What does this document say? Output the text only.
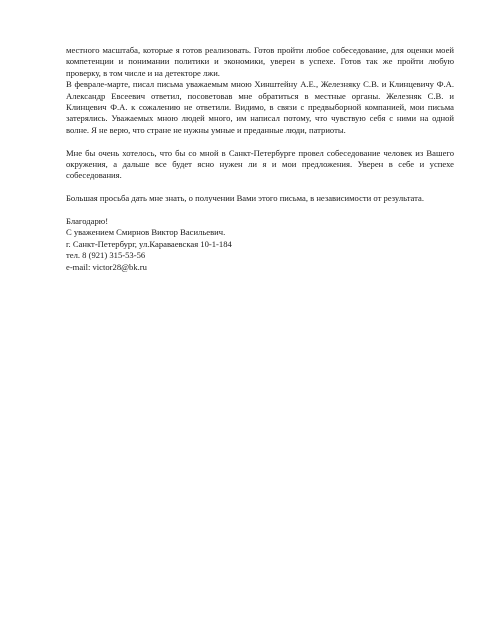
местного масштаба, которые я готов реализовать. Готов пройти любое собеседование, для оценки моей компетенции и понимании политики и экономики, уверен в успехе. Готов так же пройти любую проверку, в том числе и на детекторе лжи.

В феврале-марте, писал письма уважаемым мною Хинштейну А.Е., Железняку С.В. и Клинцевичу Ф.А. Александр Евсеевич ответил, посоветовав мне обратиться в местные органы. Железняк С.В. и Клинцевич Ф.А. к сожалению не ответили. Видимо, в связи с предвыборной компанией, мои письма затерялись. Уважаемых мною людей много, им написал потому, что чувствую себя с ними на одной волне. Я не верю, что стране не нужны умные и преданные люди, патриоты.

Мне бы очень хотелось, что бы со мной в Санкт-Петербурге провел собеседование человек из Вашего окружения, а дальше все будет ясно нужен ли я и мои предложения. Уверен в себе и успехе собеседования.

Большая просьба дать мне знать, о получении Вами этого письма, в независимости от результата.

Благодарю!

С уважением Смирнов Виктор Васильевич.
г. Санкт-Петербург, ул.Караваевская 10-1-184
тел. 8 (921) 315-53-56
e-mail: victor28@bk.ru
